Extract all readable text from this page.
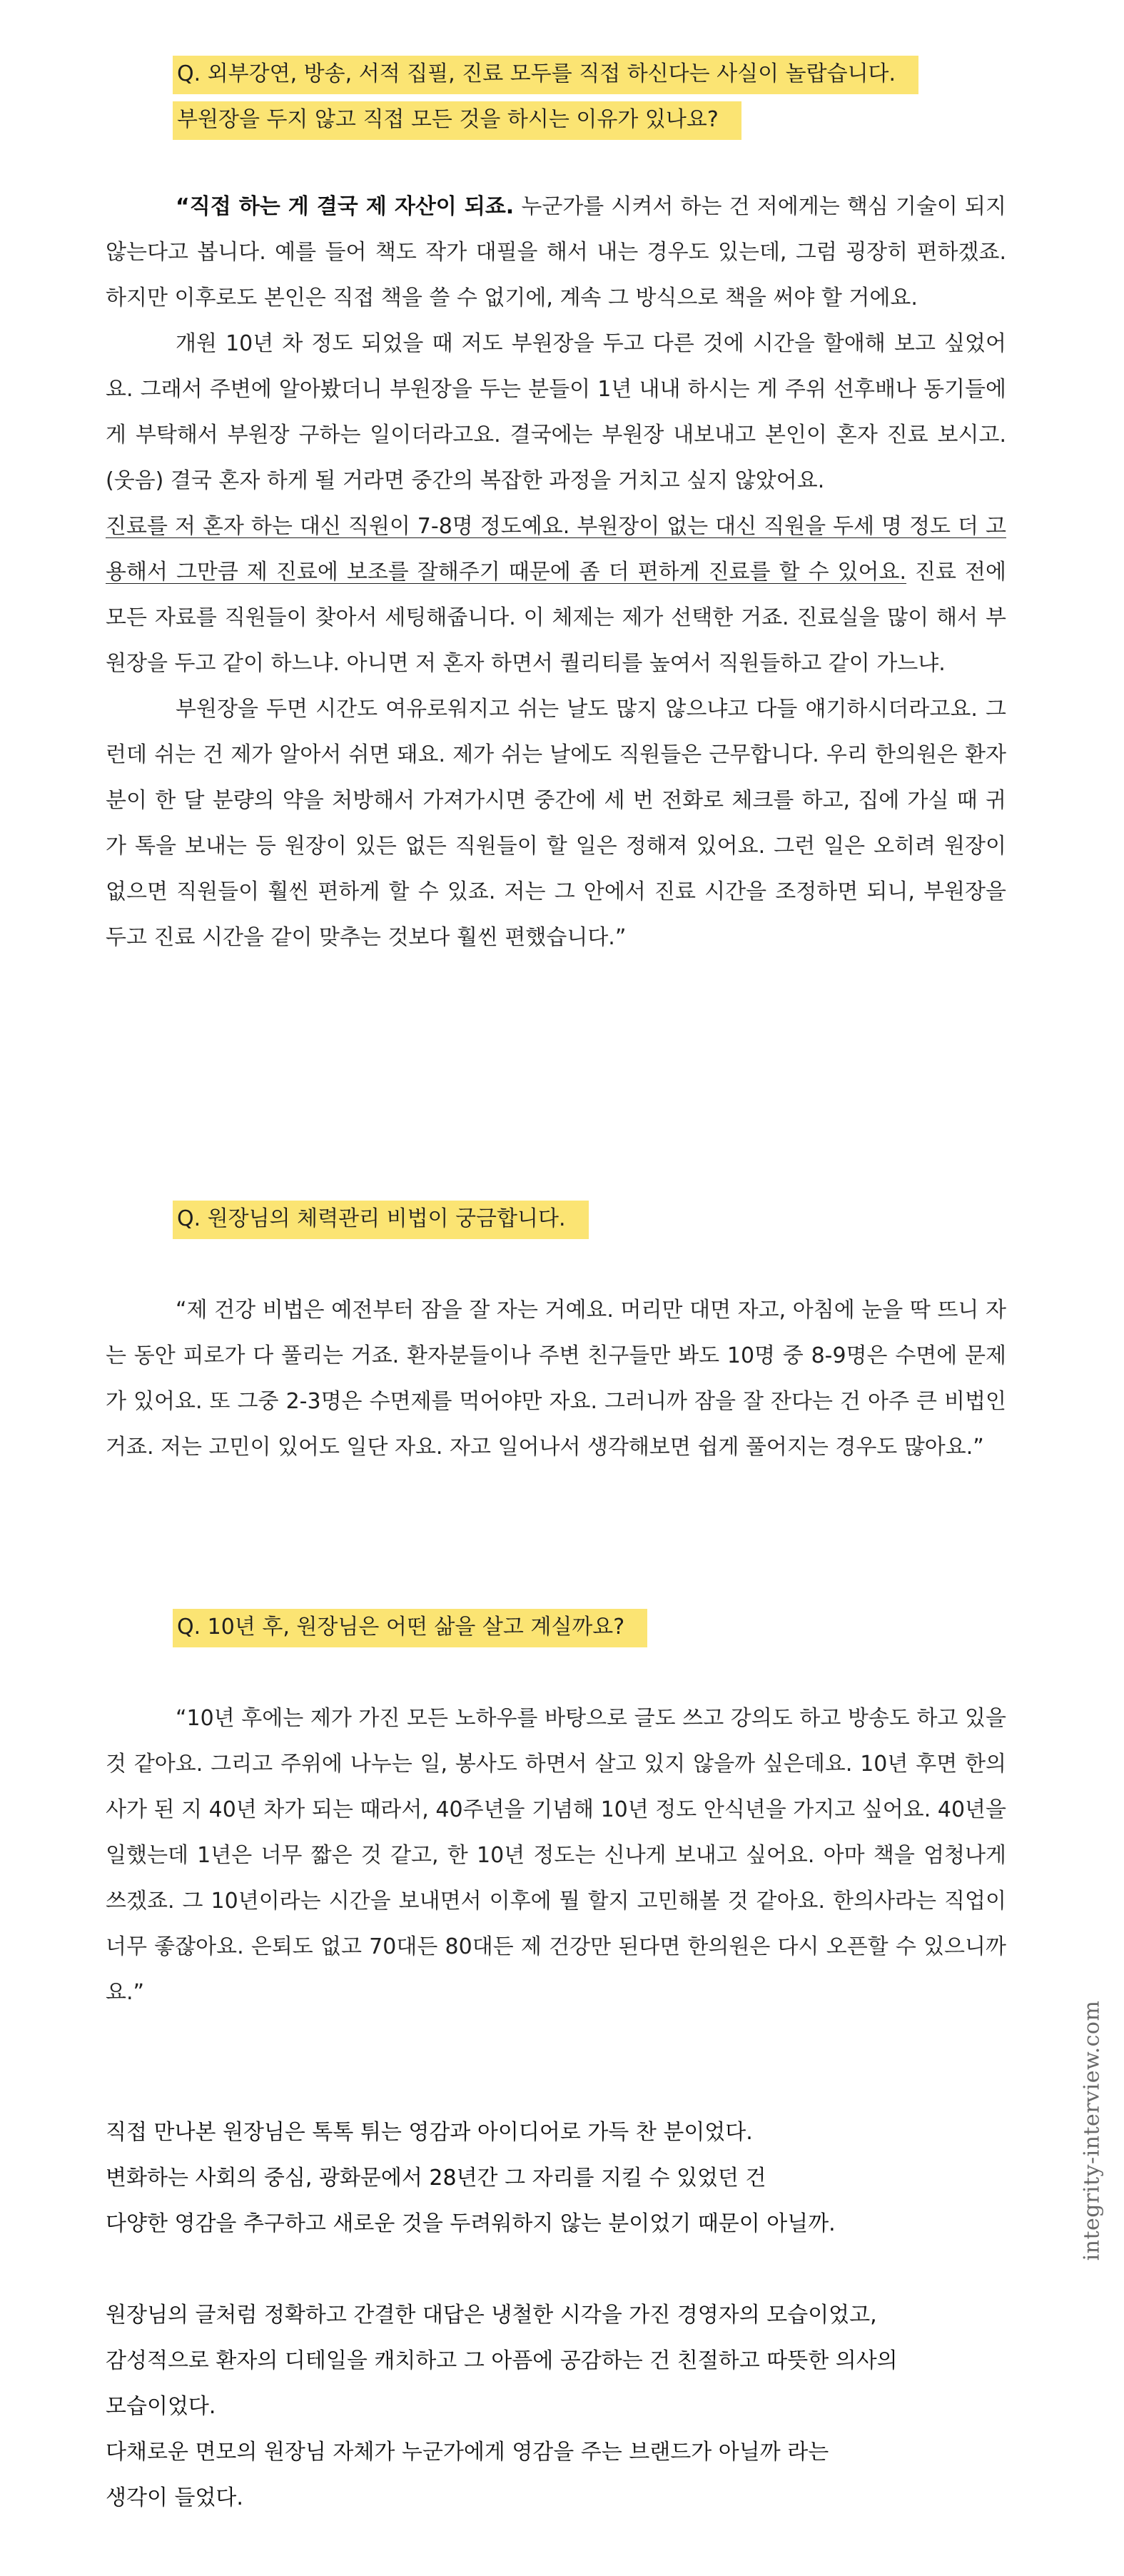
Q. 외부강연, 방송, 서적 집필, 진료 모두를 직접 하신다는 사실이 놀랍습니다.
부원장을 두지 않고 직접 모든 것을 하시는 이유가 있나요?

“직접 하는 게 결국 제 자산이 되죠. 누군가를 시켜서 하는 건 저에게는 핵심 기술이 되지 않는다고 봅니다. 예를 들어 책도 작가 대필을 해서 내는 경우도 있는데, 그럼 굉장히 편하겠죠. 하지만 이후로도 본인은 직접 책을 쓸 수 없기에, 계속 그 방식으로 책을 써야 할 거에요.

개원 10년 차 정도 되었을 때 저도 부원장을 두고 다른 것에 시간을 할애해 보고 싶었어요. 그래서 주변에 알아봤더니 부원장을 두는 분들이 1년 내내 하시는 게 주위 선후배나 동기들에게 부탁해서 부원장 구하는 일이더라고요. 결국에는 부원장 내보내고 본인이 혼자 진료 보시고. (웃음) 결국 혼자 하게 될 거라면 중간의 복잡한 과정을 거치고 싶지 않았어요.

진료를 저 혼자 하는 대신 직원이 7-8명 정도예요. 부원장이 없는 대신 직원을 두세 명 정도 더 고용해서 그만큼 제 진료에 보조를 잘해주기 때문에 좀 더 편하게 진료를 할 수 있어요. 진료 전에 모든 자료를 직원들이 찾아서 세팅해줍니다. 이 체제는 제가 선택한 거죠. 진료실을 많이 해서 부원장을 두고 같이 하느냐. 아니면 저 혼자 하면서 퀄리티를 높여서 직원들하고 같이 가느냐.

부원장을 두면 시간도 여유로워지고 쉬는 날도 많지 않으냐고 다들 얘기하시더라고요. 그런데 쉬는 건 제가 알아서 쉬면 돼요. 제가 쉬는 날에도 직원들은 근무합니다. 우리 한의원은 환자분이 한 달 분량의 약을 처방해서 가져가시면 중간에 세 번 전화로 체크를 하고, 집에 가실 때 귀가 톡을 보내는 등 원장이 있든 없든 직원들이 할 일은 정해져 있어요. 그런 일은 오히려 원장이 없으면 직원들이 훨씬 편하게 할 수 있죠. 저는 그 안에서 진료 시간을 조정하면 되니, 부원장을 두고 진료 시간을 같이 맞추는 것보다 훨씬 편했습니다.”

Q. 원장님의 체력관리 비법이 궁금합니다.

“제 건강 비법은 예전부터 잠을 잘 자는 거예요. 머리만 대면 자고, 아침에 눈을 딱 뜨니 자는 동안 피로가 다 풀리는 거죠. 환자분들이나 주변 친구들만 봐도 10명 중 8-9명은 수면에 문제가 있어요. 또 그중 2-3명은 수면제를 먹어야만 자요. 그러니까 잠을 잘 잔다는 건 아주 큰 비법인 거죠. 저는 고민이 있어도 일단 자요. 자고 일어나서 생각해보면 쉽게 풀어지는 경우도 많아요.”

Q. 10년 후, 원장님은 어떤 삶을 살고 계실까요?

“10년 후에는 제가 가진 모든 노하우를 바탕으로 글도 쓰고 강의도 하고 방송도 하고 있을 것 같아요. 그리고 주위에 나누는 일, 봉사도 하면서 살고 있지 않을까 싶은데요. 10년 후면 한의사가 된 지 40년 차가 되는 때라서, 40주년을 기념해 10년 정도 안식년을 가지고 싶어요. 40년을 일했는데 1년은 너무 짧은 것 같고, 한 10년 정도는 신나게 보내고 싶어요. 아마 책을 엄청나게 쓰겠죠. 그 10년이라는 시간을 보내면서 이후에 뭘 할지 고민해볼 것 같아요. 한의사라는 직업이 너무 좋잖아요. 은퇴도 없고 70대든 80대든 제 건강만 된다면 한의원은 다시 오픈할 수 있으니까요.”

직접 만나본 원장님은 톡톡 튀는 영감과 아이디어로 가득 찬 분이었다.

변화하는 사회의 중심, 광화문에서 28년간 그 자리를 지킬 수 있었던 건

다양한 영감을 추구하고 새로운 것을 두려워하지 않는 분이었기 때문이 아닐까.

원장님의 글처럼 정확하고 간결한 대답은 냉철한 시각을 가진 경영자의 모습이었고,

감성적으로 환자의 디테일을 캐치하고 그 아픔에 공감하는 건 친절하고 따뜻한 의사의

모습이었다.

다채로운 면모의 원장님 자체가 누군가에게 영감을 주는 브랜드가 아닐까 라는

생각이 들었다.

integrity-interview.com
